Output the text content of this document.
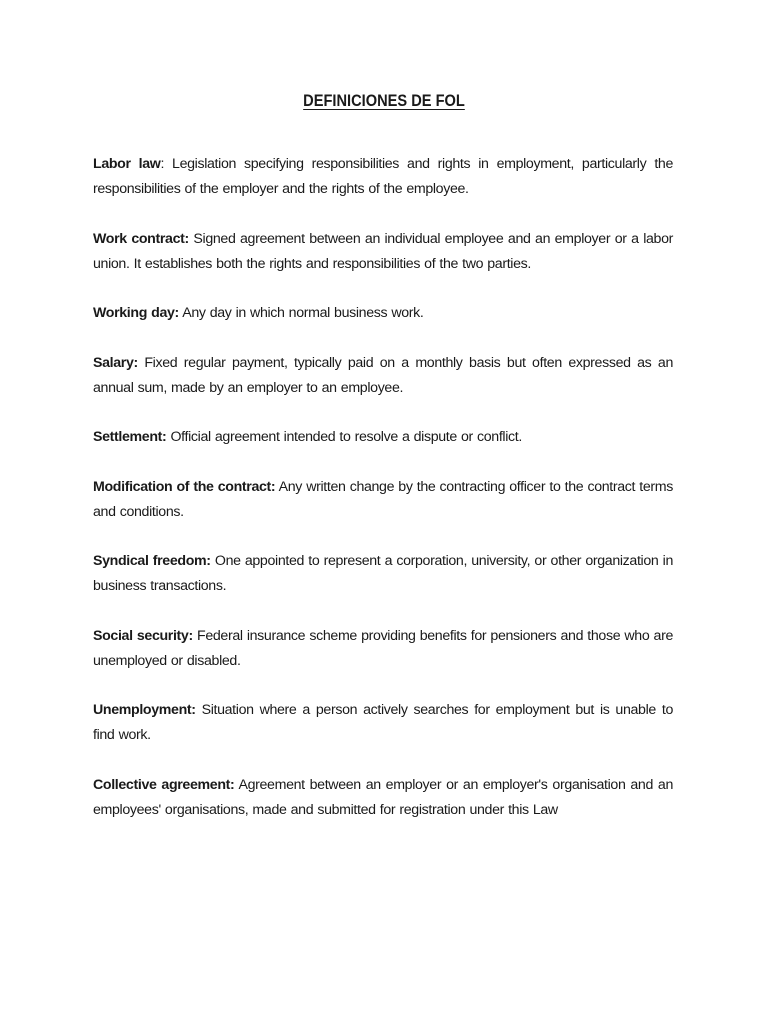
DEFINICIONES DE FOL

Labor law: Legislation specifying responsibilities and rights in employment, particularly the responsibilities of the employer and the rights of the employee.

Work contract: Signed agreement between an individual employee and an employer or a labor union. It establishes both the rights and responsibilities of the two parties.

Working day: Any day in which normal business work.

Salary: Fixed regular payment, typically paid on a monthly basis but often expressed as an annual sum, made by an employer to an employee.

Settlement: Official agreement intended to resolve a dispute or conflict.

Modification of the contract: Any written change by the contracting officer to the contract terms and conditions.

Syndical freedom: One appointed to represent a corporation, university, or other organization in business transactions.

Social security: Federal insurance scheme providing benefits for pensioners and those who are unemployed or disabled.

Unemployment: Situation where a person actively searches for employment but is unable to find work.

Collective agreement: Agreement between an employer or an employer's organisation and an employees' organisations, made and submitted for registration under this Law
